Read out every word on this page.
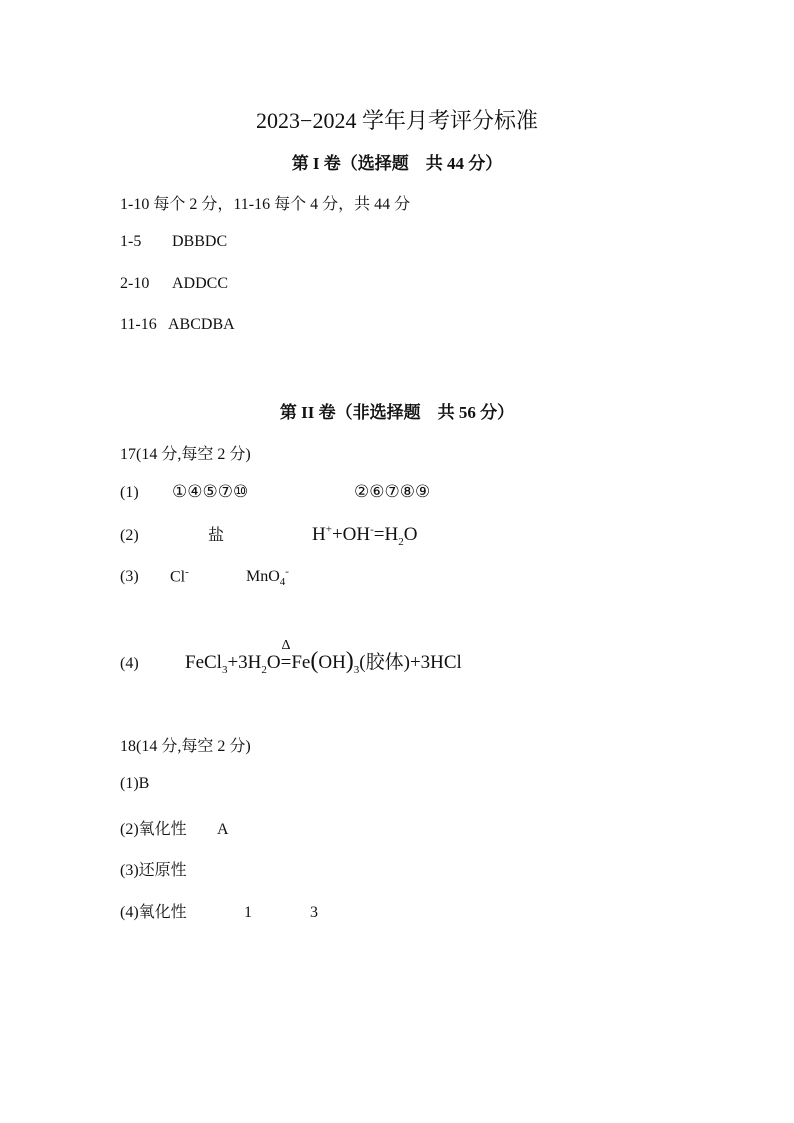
2023−2024 学年月考评分标准
第 I 卷（选择题　共 44 分）
1-10 每个 2 分，11-16 每个 4 分，共 44 分
1-5 DBBDC
2-10 ADDCC
11-16 ABCDBA
第 II 卷（非选择题　共 56 分）
17(14 分,每空 2 分)
(1) ①④⑤⑦⑩	②⑥⑦⑧⑨
(2)	盐	$H^++OH^-=H_2O$
(3) Cl-	MnO$_4$-
(4) $FeCl_3+3H_2O$
Δ
$=Fe(OH)_3$(胶体)+3HCl
18(14 分,每空 2 分)
(1)B
(2)氧化性 A
(3)还原性
(4)氧化性	1	3
